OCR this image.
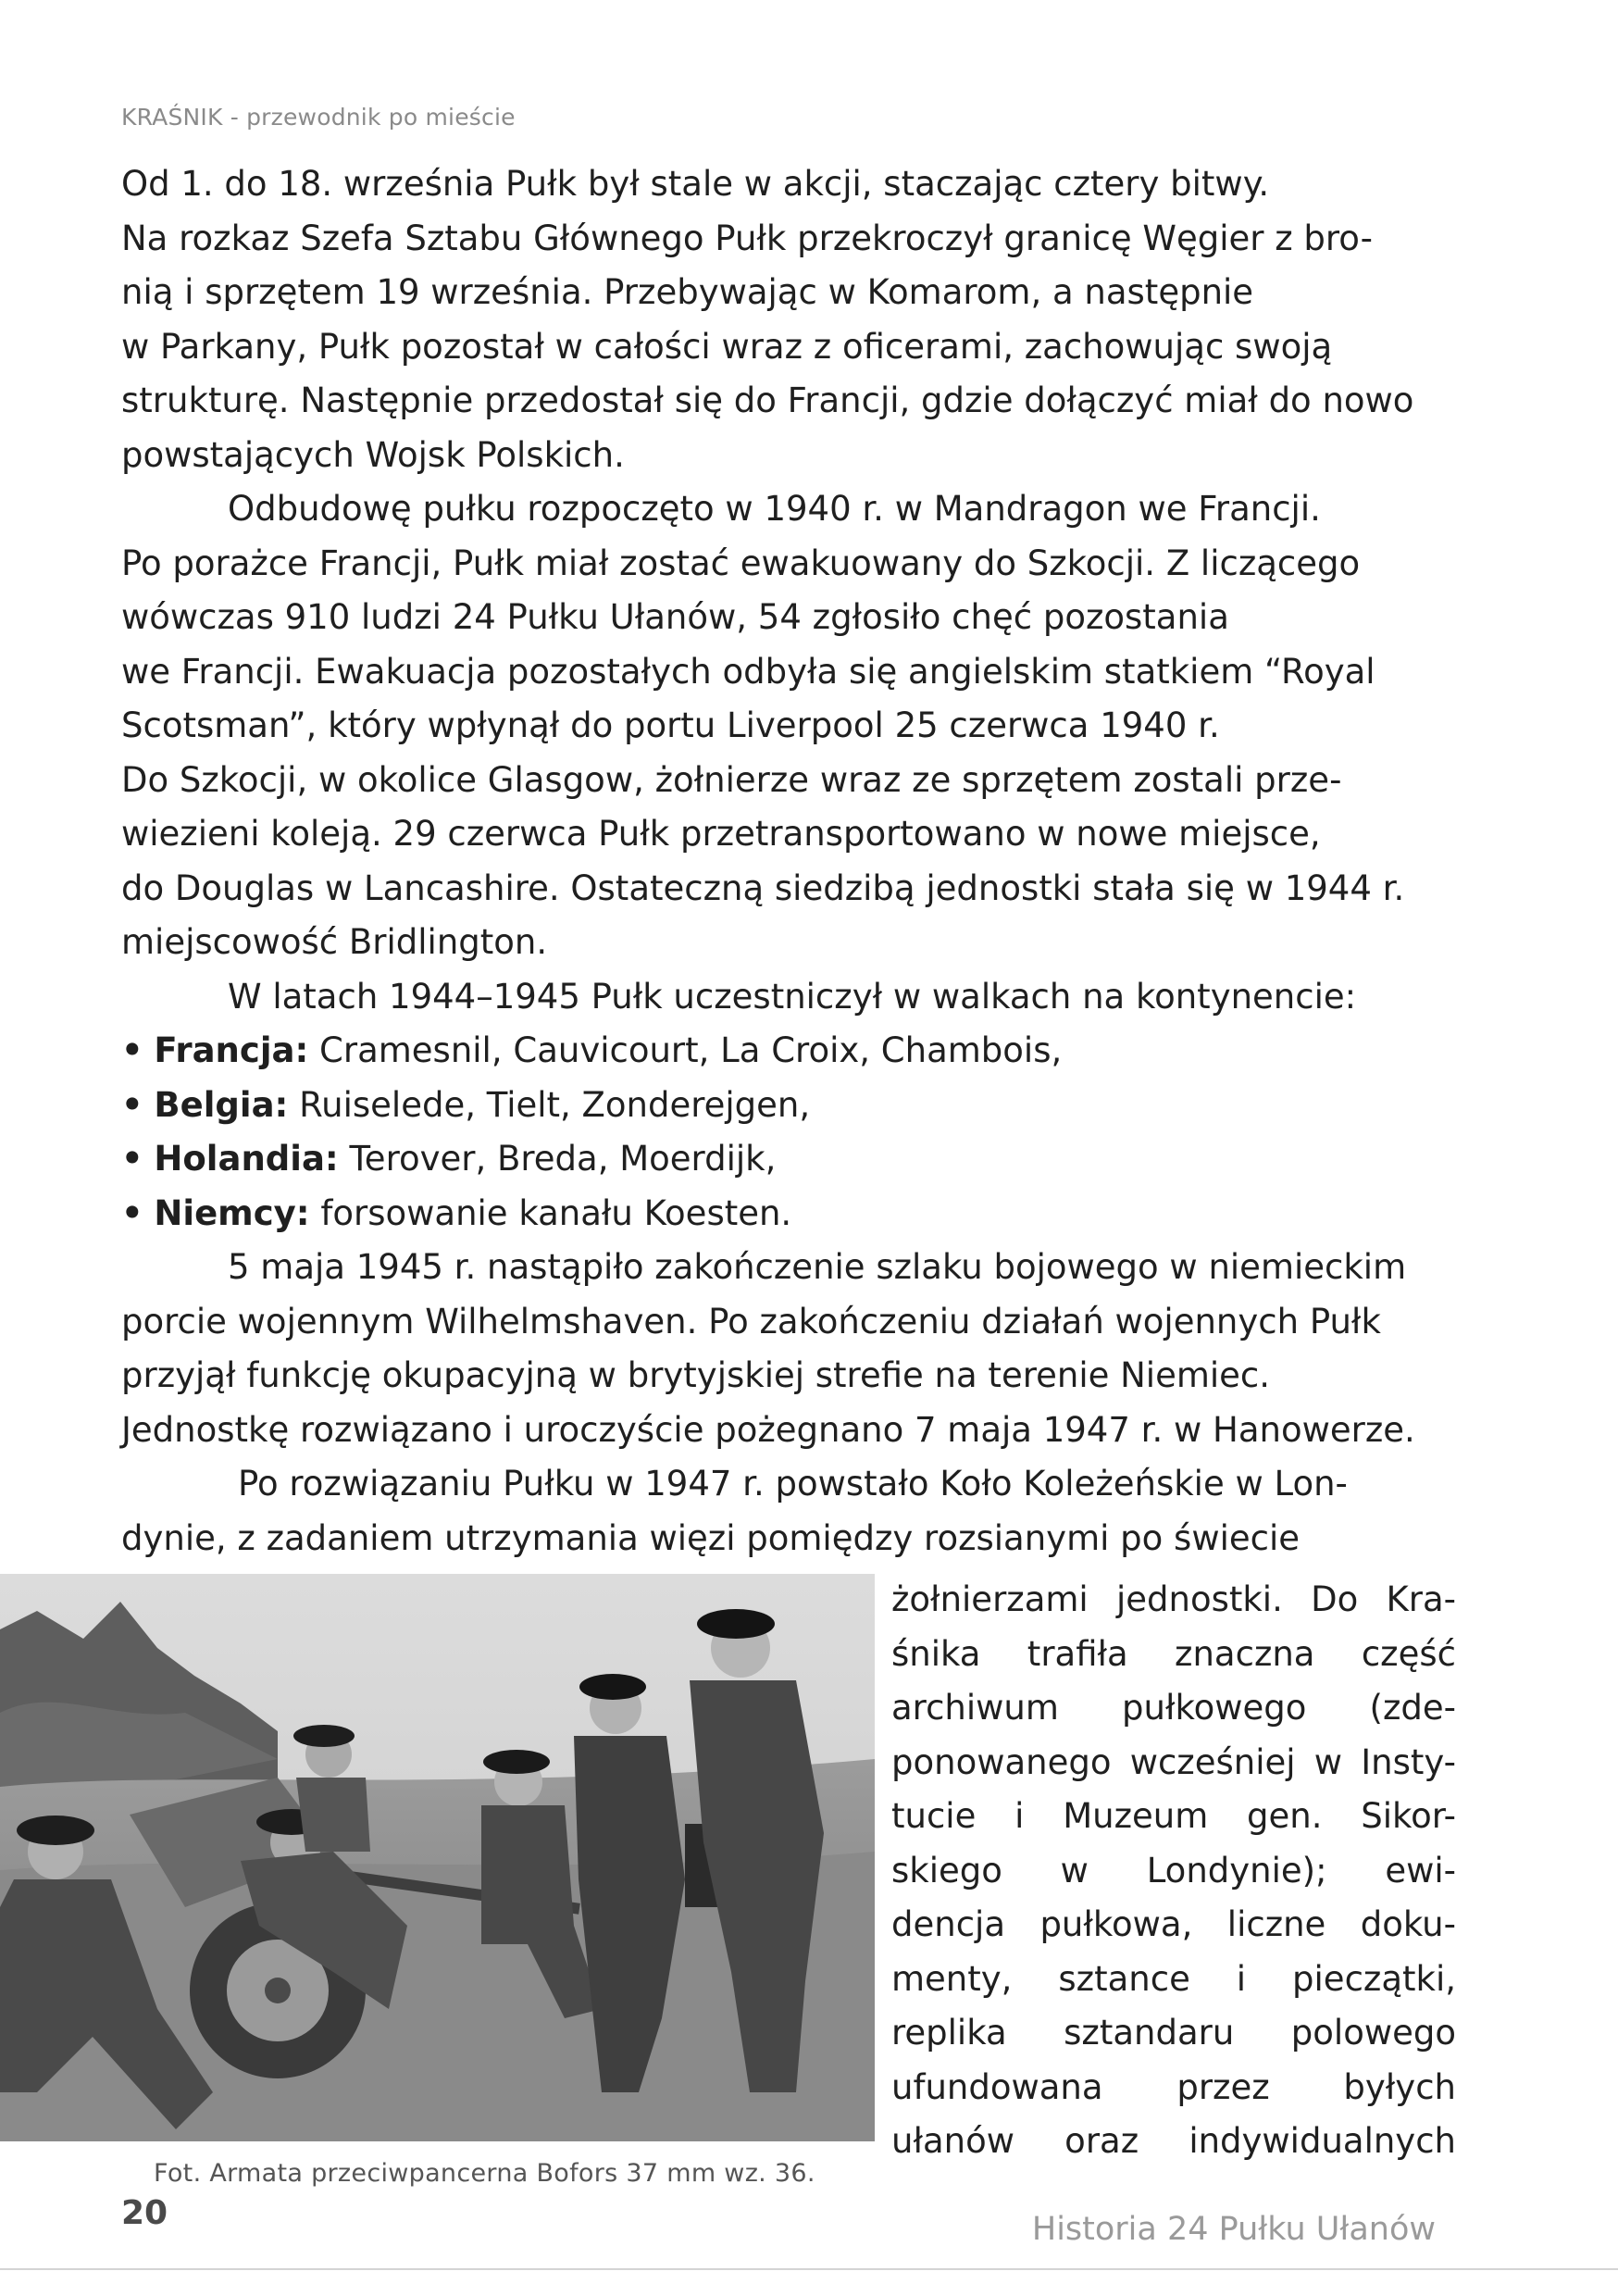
KRAŚNIK - przewodnik po mieście

Od 1. do 18. września Pułk był stale w akcji, staczając cztery bitwy.
Na rozkaz Szefa Sztabu Głównego Pułk przekroczył granicę Węgier z bro-
nią i sprzętem 19 września. Przebywając w Komarom, a następnie
w Parkany, Pułk pozostał w całości wraz z oficerami, zachowując swoją
strukturę. Następnie przedostał się do Francji, gdzie dołączyć miał do nowo
powstających Wojsk Polskich.

Odbudowę pułku rozpoczęto w 1940 r. w Mandragon we Francji.
Po porażce Francji, Pułk miał zostać ewakuowany do Szkocji. Z liczącego
wówczas 910 ludzi 24 Pułku Ułanów, 54 zgłosiło chęć pozostania
we Francji. Ewakuacja pozostałych odbyła się angielskim statkiem “Royal
Scotsman”, który wpłynął do portu Liverpool 25 czerwca 1940 r.
Do Szkocji, w okolice Glasgow, żołnierze wraz ze sprzętem zostali prze-
wiezieni koleją. 29 czerwca Pułk przetransportowano w nowe miejsce,
do Douglas w Lancashire. Ostateczną siedzibą jednostki stała się w 1944 r.
miejscowość Bridlington.

W latach 1944–1945 Pułk uczestniczył w walkach na kontynencie:

• Francja: Cramesnil, Cauvicourt, La Croix, Chambois,
• Belgia: Ruiselede, Tielt, Zonderejgen,
• Holandia: Terover, Breda, Moerdijk,
• Niemcy: forsowanie kanału Koesten.

5 maja 1945 r. nastąpiło zakończenie szlaku bojowego w niemieckim
porcie wojennym Wilhelmshaven. Po zakończeniu działań wojennych Pułk
przyjął funkcję okupacyjną w brytyjskiej strefie na terenie Niemiec.
Jednostkę rozwiązano i uroczyście pożegnano 7 maja 1947 r. w Hanowerze.

Po rozwiązaniu Pułku w 1947 r. powstało Koło Koleżeńskie w Lon-
dynie, z zadaniem utrzymania więzi pomiędzy rozsianymi po świecie

żołnierzami jednostki. Do Kra-
śnika trafiła znaczna część
archiwum pułkowego (zde-
ponowanego wcześniej w Insty-
tucie i Muzeum gen. Sikor-
skiego w Londynie); ewi-
dencja pułkowa, liczne doku-
menty, sztance i pieczątki,
replika sztandaru polowego
ufundowana przez byłych
ułanów oraz indywidualnych
Fot. Armata przeciwpancerna Bofors 37 mm wz. 36.
20	Historia 24 Pułku Ułanów
